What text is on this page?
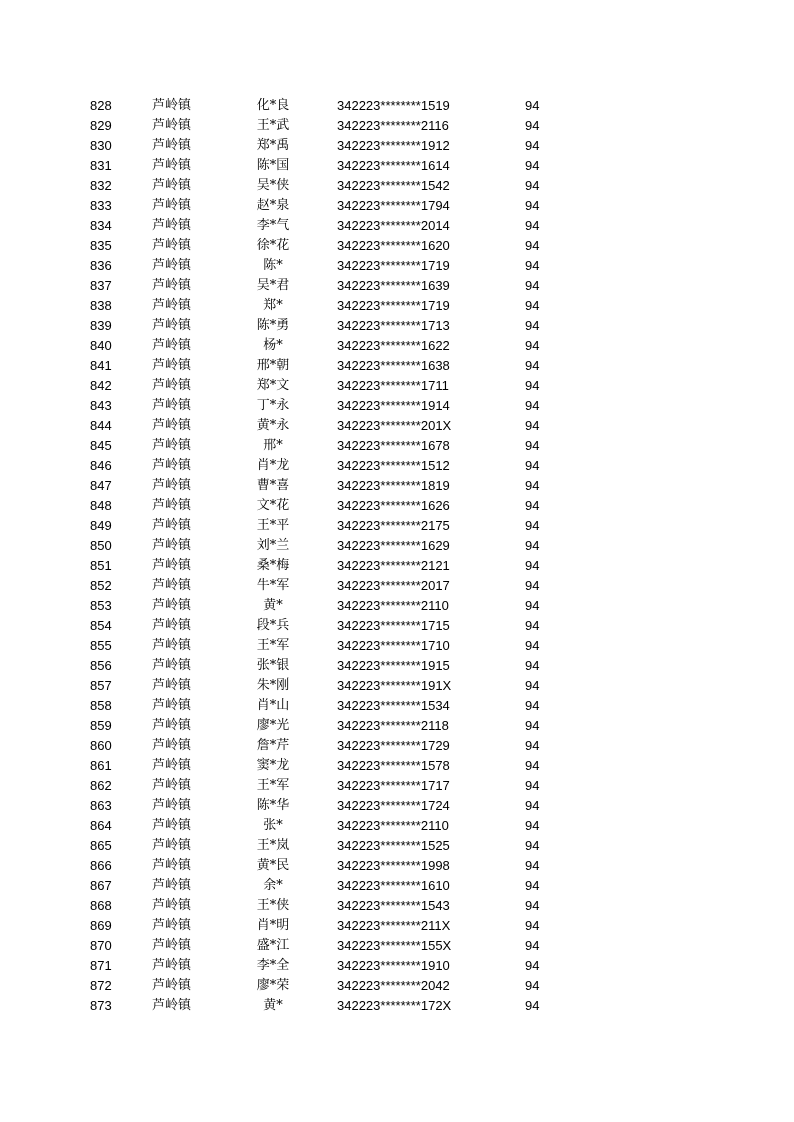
828	芦岭镇	化*良	342223********1519	94
829	芦岭镇	王*武	342223********2116	94
830	芦岭镇	郑*禹	342223********1912	94
831	芦岭镇	陈*国	342223********1614	94
832	芦岭镇	吴*侠	342223********1542	94
833	芦岭镇	赵*泉	342223********1794	94
834	芦岭镇	李*气	342223********2014	94
835	芦岭镇	徐*花	342223********1620	94
836	芦岭镇	陈*	342223********1719	94
837	芦岭镇	吴*君	342223********1639	94
838	芦岭镇	郑*	342223********1719	94
839	芦岭镇	陈*勇	342223********1713	94
840	芦岭镇	杨*	342223********1622	94
841	芦岭镇	邢*朝	342223********1638	94
842	芦岭镇	郑*文	342223********1711	94
843	芦岭镇	丁*永	342223********1914	94
844	芦岭镇	黄*永	342223********201X	94
845	芦岭镇	邢*	342223********1678	94
846	芦岭镇	肖*龙	342223********1512	94
847	芦岭镇	曹*喜	342223********1819	94
848	芦岭镇	文*花	342223********1626	94
849	芦岭镇	王*平	342223********2175	94
850	芦岭镇	刘*兰	342223********1629	94
851	芦岭镇	桑*梅	342223********2121	94
852	芦岭镇	牛*军	342223********2017	94
853	芦岭镇	黄*	342223********2110	94
854	芦岭镇	段*兵	342223********1715	94
855	芦岭镇	王*军	342223********1710	94
856	芦岭镇	张*银	342223********1915	94
857	芦岭镇	朱*刚	342223********191X	94
858	芦岭镇	肖*山	342223********1534	94
859	芦岭镇	廖*光	342223********2118	94
860	芦岭镇	詹*芹	342223********1729	94
861	芦岭镇	窦*龙	342223********1578	94
862	芦岭镇	王*军	342223********1717	94
863	芦岭镇	陈*华	342223********1724	94
864	芦岭镇	张*	342223********2110	94
865	芦岭镇	王*岚	342223********1525	94
866	芦岭镇	黄*民	342223********1998	94
867	芦岭镇	余*	342223********1610	94
868	芦岭镇	王*侠	342223********1543	94
869	芦岭镇	肖*明	342223********211X	94
870	芦岭镇	盛*江	342223********155X	94
871	芦岭镇	李*全	342223********1910	94
872	芦岭镇	廖*荣	342223********2042	94
873	芦岭镇	黄*	342223********172X	94
